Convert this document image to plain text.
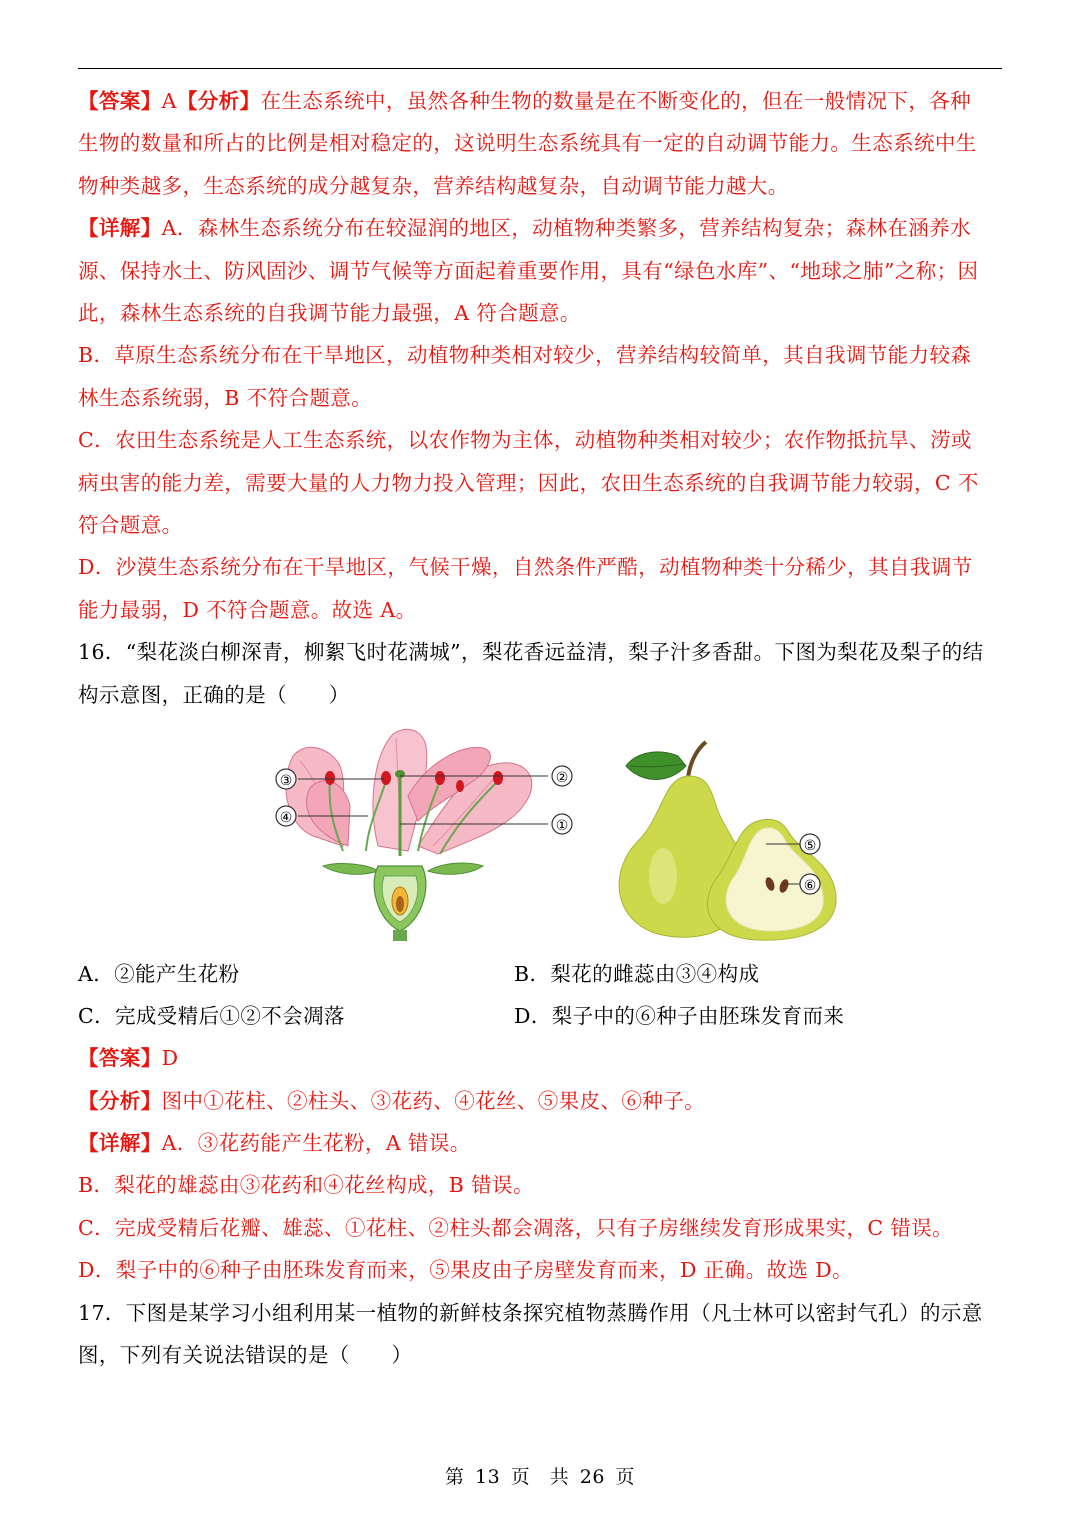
【答案】A【分析】在生态系统中，虽然各种生物的数量是在不断变化的，但在一般情况下，各种
生物的数量和所占的比例是相对稳定的，这说明生态系统具有一定的自动调节能力。生态系统中生
物种类越多，生态系统的成分越复杂，营养结构越复杂，自动调节能力越大。
【详解】A．森林生态系统分布在较湿润的地区，动植物种类繁多，营养结构复杂；森林在涵养水
源、保持水土、防风固沙、调节气候等方面起着重要作用，具有“绿色水库”、“地球之肺”之称；因
此，森林生态系统的自我调节能力最强，A 符合题意。
B．草原生态系统分布在干旱地区，动植物种类相对较少，营养结构较简单，其自我调节能力较森
林生态系统弱，B 不符合题意。
C．农田生态系统是人工生态系统，以农作物为主体，动植物种类相对较少；农作物抵抗旱、涝或
病虫害的能力差，需要大量的人力物力投入管理；因此，农田生态系统的自我调节能力较弱，C 不
符合题意。
D．沙漠生态系统分布在干旱地区，气候干燥，自然条件严酷，动植物种类十分稀少，其自我调节
能力最弱，D 不符合题意。故选 A。
16．“梨花淡白柳深青，柳絮飞时花满城”，梨花香远益清，梨子汁多香甜。下图为梨花及梨子的结
构示意图，正确的是（　　）
③
④
②
①
⑤
⑥
A．②能产生花粉	B．梨花的雌蕊由③④构成
C．完成受精后①②不会凋落	D．梨子中的⑥种子由胚珠发育而来
【答案】D
【分析】图中①花柱、②柱头、③花药、④花丝、⑤果皮、⑥种子。
【详解】A．③花药能产生花粉，A 错误。
B．梨花的雄蕊由③花药和④花丝构成，B 错误。
C．完成受精后花瓣、雄蕊、①花柱、②柱头都会凋落，只有子房继续发育形成果实，C 错误。
D．梨子中的⑥种子由胚珠发育而来，⑤果皮由子房壁发育而来，D 正确。故选 D。
17．下图是某学习小组利用某一植物的新鲜枝条探究植物蒸腾作用（凡士林可以密封气孔）的示意
图，下列有关说法错误的是（　　）
第 13 页　共 26 页
